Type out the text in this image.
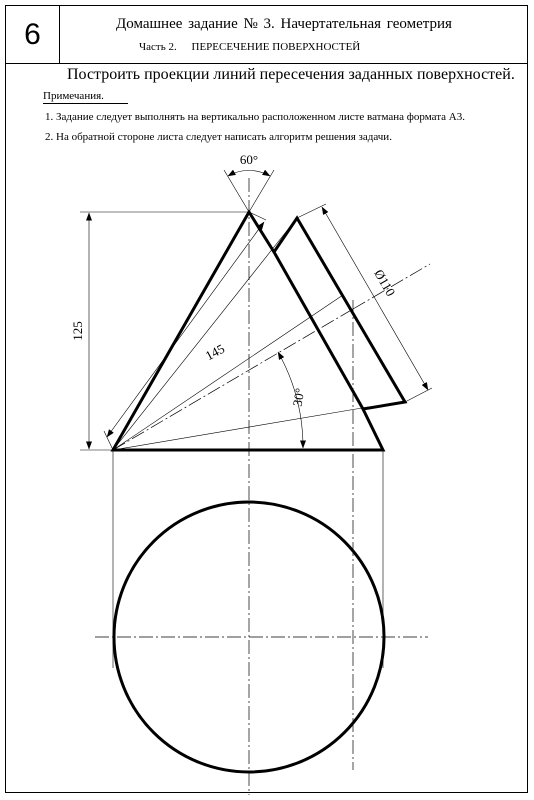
6	Домашнее задание № 3. Начертательная геометрия
Часть 2. ПЕРЕСЕЧЕНИЕ ПОВЕРХНОСТЕЙ
Построить проекции линий пересечения заданных поверхностей.
Примечания.
1. Задание следует выполнять на вертикально расположенном листе ватмана формата А3.
2. На обратной стороне листа следует написать алгоритм решения задачи.
125
60°
145
Ø110
30°
